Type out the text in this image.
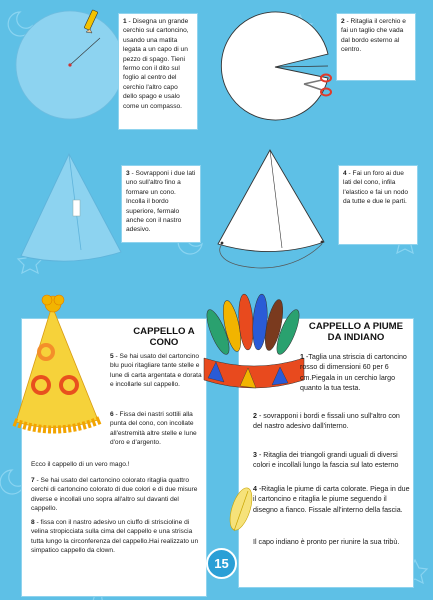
1 - Disegna un grande cerchio sul cartoncino, usando una matita legata a un capo di un pezzo di spago. Tieni fermo con il dito sul foglio al centro del cerchio l'altro capo dello spago e usalo come un compasso.
2 - Ritaglia il cerchio e fai un taglio che vada dal bordo esterno al centro.
3 - Sovrapponi i due lati uno sull'altro fino a formare un cono. Incolla il bordo superiore, fermalo anche con il nastro adesivo.
4 - Fai un foro ai due lati del cono, infila l'elastico e fai un nodo da tutte e due le parti.
CAPPELLO A
CONO
5 - Se hai usato del cartoncino blu puoi ritagliare tante stelle e lune di carta argentata e dorata e incollarle sul cappello.
6 - Fissa dei nastri sottili alla punta del cono, con incollate all'estremità altre stelle e lune d'oro e d'argento.
Ecco il cappello di un vero mago.!
7 - Se hai usato del cartoncino colorato ritaglia quattro cerchi di cartoncino colorato di due colori e di due misure diverse e incollali uno sopra all'altro sul davanti del cappello.
8 - fissa con il nastro adesivo un ciuffo di striscioline di velina stropicciata sulla cima del cappello e una striscia tutta lungo la circonferenza del cappello.Hai realizzato un simpatico cappello da clown.
CAPPELLO A PIUME
DA INDIANO
1 -Taglia una striscia di cartoncino rosso di dimensioni 60 per 6 cm.Piegala in un cerchio largo quanto la tua testa.
2 - sovrapponi i bordi e fissali uno sull'altro con del nastro adesivo dall'interno.
3 - Ritaglia dei triangoli grandi uguali di diversi colori e incollali lungo la fascia sul lato esterno
4 -Ritaglia le piume di carta colorate. Piega in due il cartoncino e ritaglia le piume seguendo il disegno a fianco. Fissale all'interno della fascia.
Il capo indiano è pronto per riunire la sua tribù.
15
